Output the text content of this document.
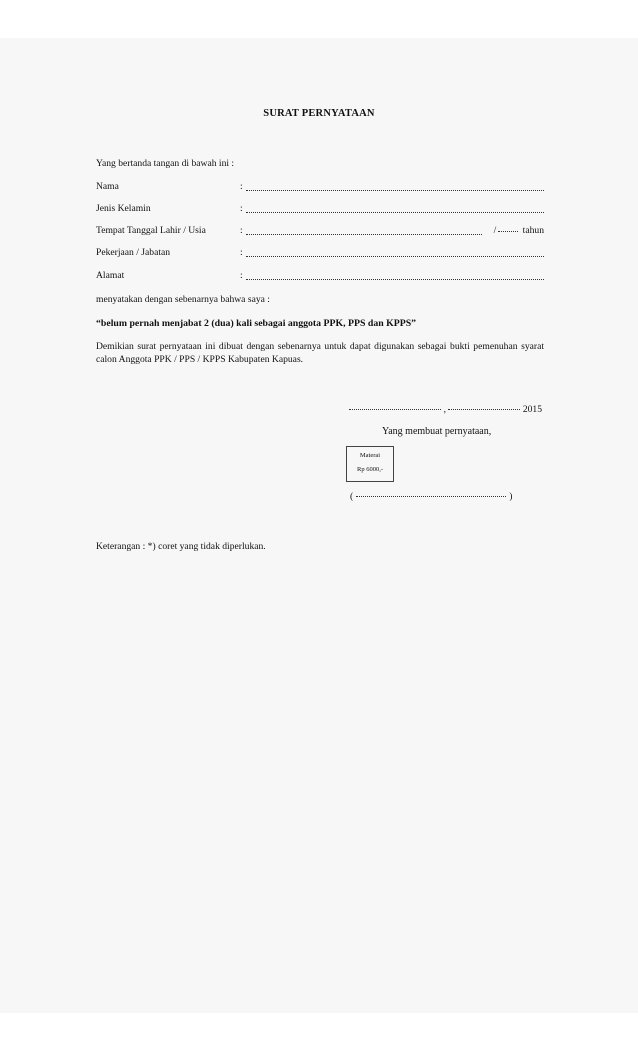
SURAT PERNYATAAN
Yang bertanda tangan di bawah ini :
Nama	:
Jenis Kelamin	:
Tempat Tanggal Lahir / Usia	:	/	tahun
Pekerjaan / Jabatan	:
Alamat	:
menyatakan dengan sebenarnya bahwa saya :
“belum pernah menjabat 2 (dua) kali sebagai anggota PPK, PPS dan KPPS”
Demikian surat pernyataan ini dibuat dengan sebenarnya untuk dapat digunakan sebagai bukti pemenuhan syarat calon Anggota PPK / PPS / KPPS Kabupaten Kapuas.
,	2015
Yang membuat pernyataan,
Materai
Rp 6000,-
(	)
Keterangan : *) coret yang tidak diperlukan.
